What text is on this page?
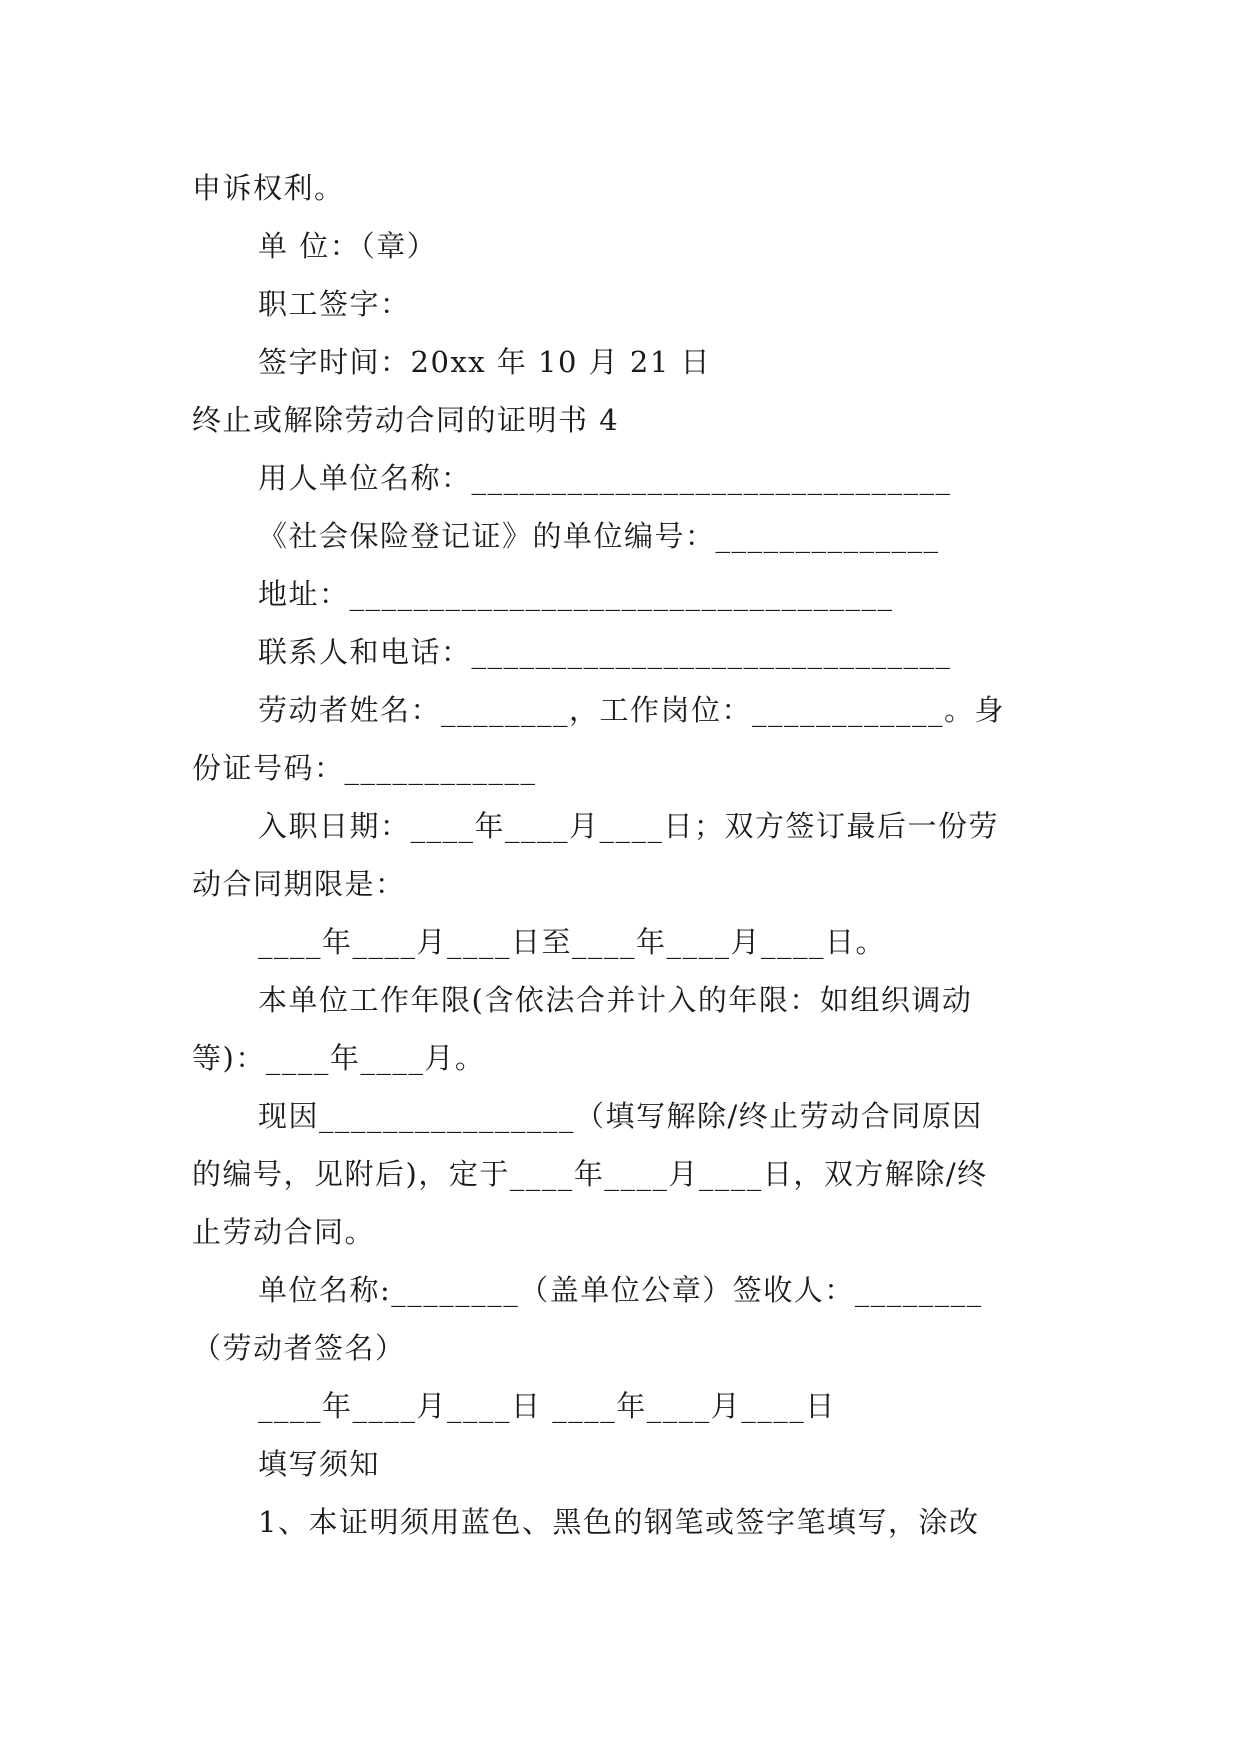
申诉权利。
单 位：（章）
职工签字：
签字时间：20xx 年 10 月 21 日
终止或解除劳动合同的证明书 4
用人单位名称：______________________________
《社会保险登记证》的单位编号：______________
地址：__________________________________
联系人和电话：______________________________
劳动者姓名：________，工作岗位：____________。身
份证号码：____________
入职日期：____年____月____日；双方签订最后一份劳
动合同期限是：
____年____月____日至____年____月____日。
本单位工作年限(含依法合并计入的年限：如组织调动
等)：____年____月。
现因________________（填写解除/终止劳动合同原因
的编号，见附后)，定于____年____月____日，双方解除/终
止劳动合同。
单位名称:________（盖单位公章）签收人：________
（劳动者签名）
____年____月____日 ____年____月____日
填写须知
1、本证明须用蓝色、黑色的钢笔或签字笔填写，涂改
